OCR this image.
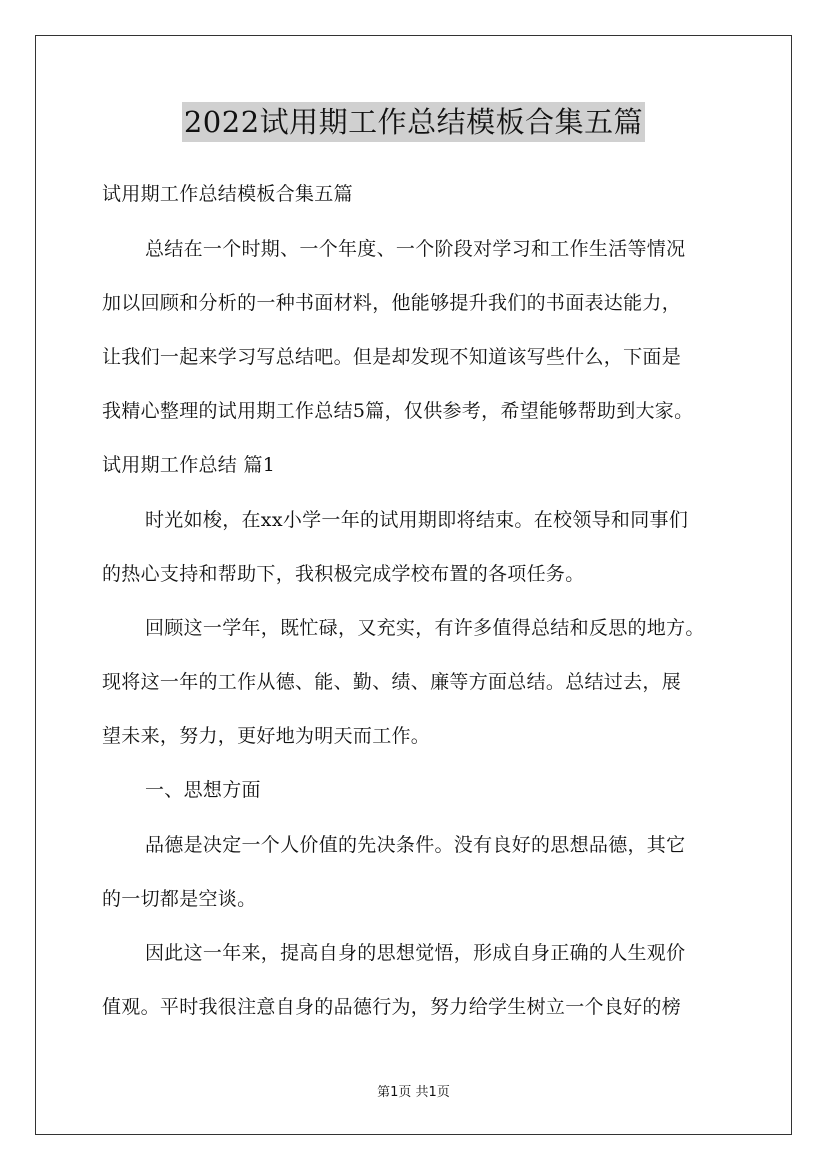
2022试用期工作总结模板合集五篇
试用期工作总结模板合集五篇
总结在一个时期、一个年度、一个阶段对学习和工作生活等情况
加以回顾和分析的一种书面材料，他能够提升我们的书面表达能力，
让我们一起来学习写总结吧。但是却发现不知道该写些什么，下面是
我精心整理的试用期工作总结5篇，仅供参考，希望能够帮助到大家。
试用期工作总结 篇1
时光如梭，在xx小学一年的试用期即将结束。在校领导和同事们
的热心支持和帮助下，我积极完成学校布置的各项任务。
回顾这一学年，既忙碌，又充实，有许多值得总结和反思的地方。
现将这一年的工作从德、能、勤、绩、廉等方面总结。总结过去，展
望未来，努力，更好地为明天而工作。
一、思想方面
品德是决定一个人价值的先决条件。没有良好的思想品德，其它
的一切都是空谈。
因此这一年来，提高自身的思想觉悟，形成自身正确的人生观价
值观。平时我很注意自身的品德行为，努力给学生树立一个良好的榜
第1页 共1页
